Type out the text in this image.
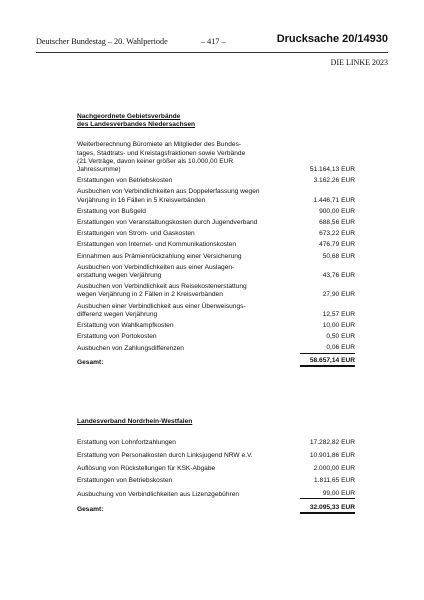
Deutscher Bundestag – 20. Wahlperiode	– 417 –	Drucksache 20/14930
DIE LINKE 2023
Nachgeordnete Gebietsverbände
des Landesverbandes Niedersachsen
Weiterberechnung Büromiete an Mitglieder des Bundes-
tages, Stadtrats- und Kreistagsfraktionen sowie Verbände
(21 Verträge, davon keiner größer als 10.000,00 EUR
Jahressumme)	51.164,13 EUR
Erstattungen von Betriebskosten	3.162,26 EUR
Ausbuchen von Verbindlichkeiten aus Doppelerfassung wegen
Verjährung in 16 Fällen in 5 Kreisverbänden	1.446,71 EUR
Erstattung von Bußgeld	900,00 EUR
Erstattungen von Veranstaltungskosten durch Jugendverband	688,56 EUR
Erstattungen von Strom- und Gaskosten	673,22 EUR
Erstattungen von Internet- und Kommunikationskosten	476,79 EUR
Einnahmen aus Prämienrückzahlung einer Versicherung	50,68 EUR
Ausbuchen von Verbindlichkeiten aus einer Auslagen-
erstattung wegen Verjährung	43,76 EUR
Ausbuchen von Verbindlichkeit aus Reisekostenerstattung
wegen Verjährung in 2 Fällen in 2 Kreisverbänden	27,90 EUR
Ausbuchen einer Verbindlichkeit aus einer Überweisungs-
differenz wegen Verjährung	12,57 EUR
Erstattung von Wahlkampfkosten	10,00 EUR
Erstattung von Portokosten	0,50 EUR
Ausbuchen von Zahlungsdifferenzen	0,06 EUR
Gesamt:	58.657,14 EUR
Landesverband Nordrhein-Westfalen
Erstattung von Lohnfortzahlungen	17.282,82 EUR
Erstattung von Personalkosten durch Linksjugend NRW e.V.	10.901,86 EUR
Auflösung von Rückstellungen für KSK-Abgabe	2.000,00 EUR
Erstattungen von Betriebskosten	1.811,65 EUR
Ausbuchung von Verbindlichkeiten aus Lizenzgebühren	99,00 EUR
Gesamt:	32.095,33 EUR
